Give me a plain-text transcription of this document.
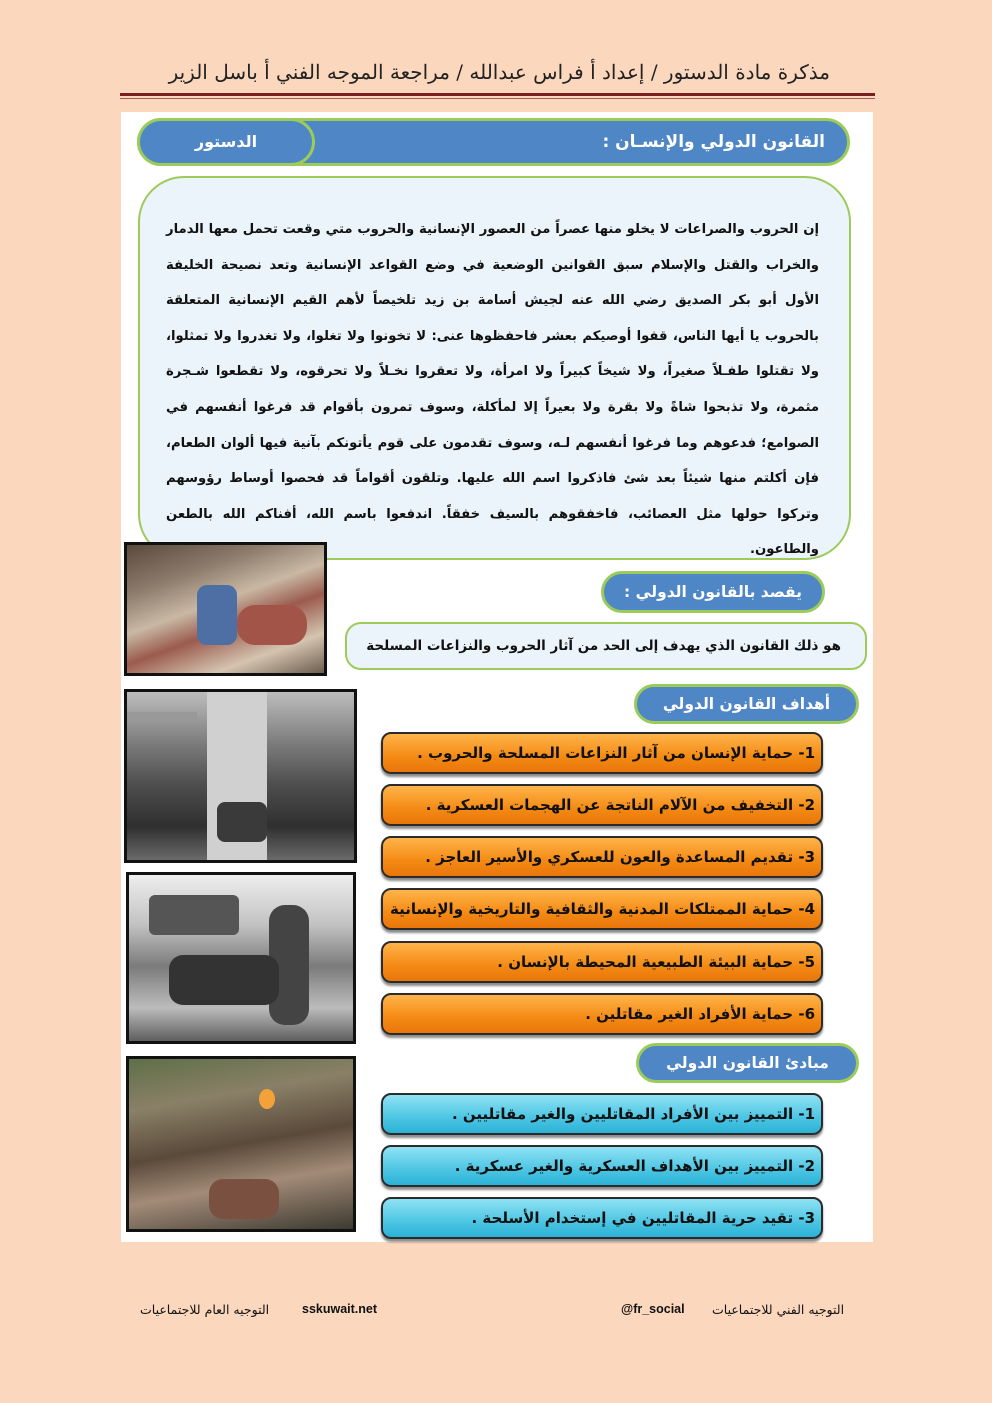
مذكرة مادة الدستور / إعداد أ فراس عبدالله / مراجعة الموجه الفني أ باسل الزير
القانون الدولي والإنسـان :
الدستور

إن الحروب والصراعات لا يخلو منها عصراً من العصور الإنسانية والحروب متي وقعت تحمل معها الدمار والخراب والقتل والإسلام سبق القوانين الوضعية في وضع القواعد الإنسانية وتعد نصيحة الخليفة الأول أبو بكر الصديق رضي الله عنه لجيش أسامة بن زيد تلخيصاً لأهم القيم الإنسانية المتعلقة بالحروب يا أيها الناس، قفوا أوصيكم بعشر فاحفظوها عنى: لا تخونوا ولا تغلوا، ولا تغدروا ولا تمثلوا، ولا تقتلوا طفـلاً صغيراً، ولا شيخاً كبيراً ولا امرأة، ولا تعقروا نخـلاً ولا تحرقوه، ولا تقطعوا شـجرة مثمرة، ولا تذبحوا شاةً ولا بقرة ولا بعيراً إلا لمأكلة، وسوف تمرون بأقوام قد فرغوا أنفسهم في الصوامع؛ فدعوهم وما فرغوا أنفسهم لـه، وسوف تقدمون على قوم يأتونكم بآنية فيها ألوان الطعام، فإن أكلتم منها شيئاً بعد شئ فاذكروا اسم الله عليها. وتلقون أقواماً قد فحصوا أوساط رؤوسهم وتركوا حولها مثل العصائب، فاخفقوهم بالسيف خفقاً. اندفعوا باسم الله، أفناكم الله بالطعن والطاعون.

يقصد بالقانون الدولي :
هو ذلك القانون الذي يهدف إلى الحد من آثار الحروب والنزاعات المسلحة
أهداف القانون الدولي
1- حماية الإنسان من آثار النزاعات المسلحة والحروب .
2- التخفيف من الآلام الناتجة عن الهجمات العسكرية .
3- تقديم المساعدة والعون للعسكري والأسير العاجز .
4- حماية الممتلكات المدنية والثقافية والتاريخية والإنسانية
5- حماية البيئة الطبيعية المحيطة بالإنسان .
6- حماية الأفراد الغير مقاتلين .
مبادئ القانون الدولي
1- التمييز بين الأفراد المقاتليين والغير مقاتليين .
2- التمييز بين الأهداف العسكرية والغير عسكرية .
3- تقيد حرية المقاتليين في إستخدام الأسلحة .
التوجيه الفني للاجتماعيات
@fr_social
sskuwait.net
التوجيه العام للاجتماعيات
